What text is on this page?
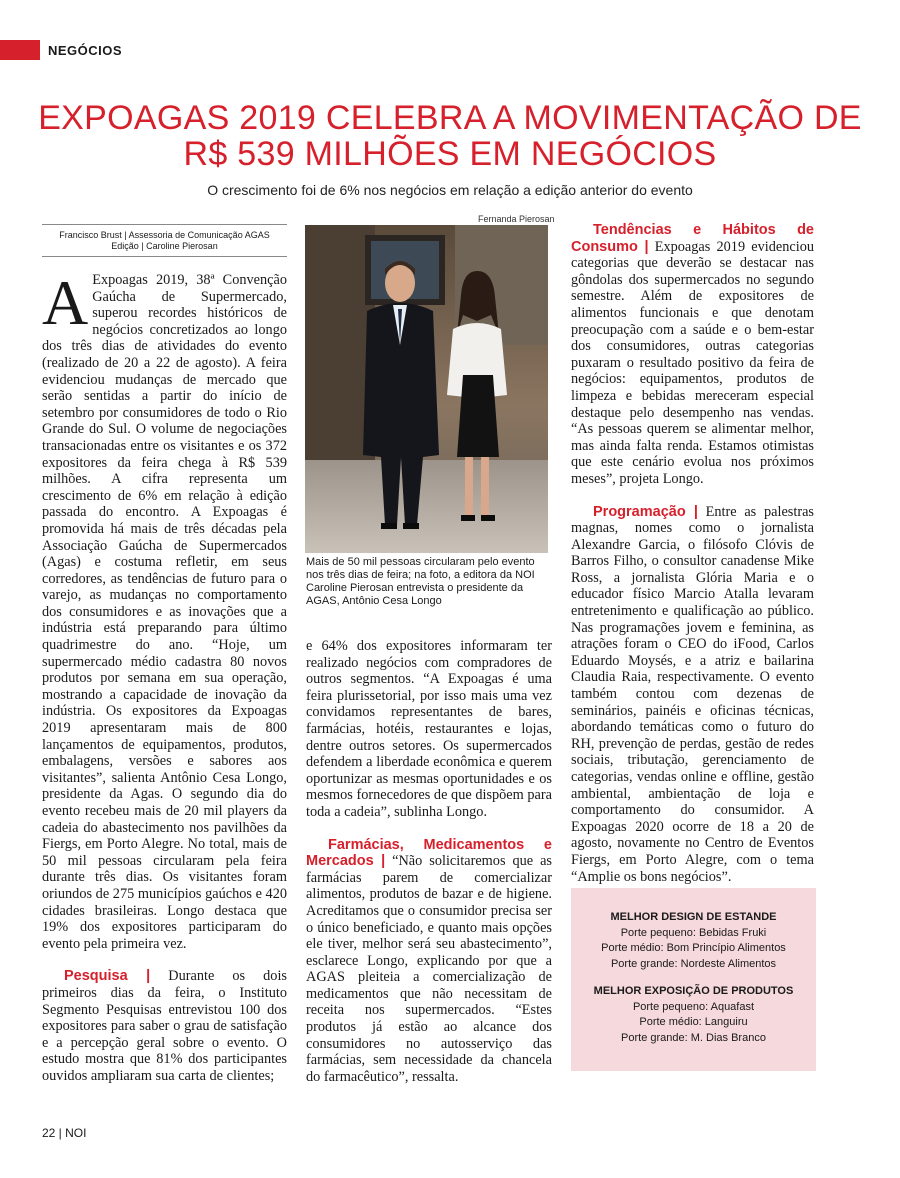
NEGÓCIOS
EXPOAGAS 2019 CELEBRA A MOVIMENTAÇÃO DE R$ 539 MILHÕES EM NEGÓCIOS
O crescimento foi de 6% nos negócios em relação a edição anterior do evento
Francisco Brust | Assessoria de Comunicação AGAS
Edição | Caroline Pierosan
Fernanda Pierosan
Mais de 50 mil pessoas circularam pelo evento nos três dias de feira; na foto, a editora da NOI Caroline Pierosan entrevista o presidente da AGAS, Antônio Cesa Longo

A Expoagas 2019, 38ª Convenção Gaúcha de Supermercado, superou recordes históricos de negócios concretizados ao longo dos três dias de atividades do evento (realizado de 20 a 22 de agosto). A feira evidenciou mudanças de mercado que serão sentidas a partir do início de setembro por consumidores de todo o Rio Grande do Sul. O volume de negociações transacionadas entre os visitantes e os 372 expositores da feira chega à R$ 539 milhões. A cifra representa um crescimento de 6% em relação à edição passada do encontro. A Expoagas é promovida há mais de três décadas pela Associação Gaúcha de Supermercados (Agas) e costuma refletir, em seus corredores, as tendências de futuro para o varejo, as mudanças no comportamento dos consumidores e as inovações que a indústria está preparando para último quadrimestre do ano. “Hoje, um supermercado médio cadastra 80 novos produtos por semana em sua operação, mostrando a capacidade de inovação da indústria. Os expositores da Expoagas 2019 apresentaram mais de 800 lançamentos de equipamentos, produtos, embalagens, versões e sabores aos visitantes”, salienta Antônio Cesa Longo, presidente da Agas. O segundo dia do evento recebeu mais de 20 mil players da cadeia do abastecimento nos pavilhões da Fiergs, em Porto Alegre. No total, mais de 50 mil pessoas circularam pela feira durante três dias. Os visitantes foram oriundos de 275 municípios gaúchos e 420 cidades brasileiras. Longo destaca que 19% dos expositores participaram do evento pela primeira vez.

Pesquisa | Durante os dois primeiros dias da feira, o Instituto Segmento Pesquisas entrevistou 100 dos expositores para saber o grau de satisfação e a percepção geral sobre o evento. O estudo mostra que 81% dos participantes ouvidos ampliaram sua carta de clientes;

e 64% dos expositores informaram ter realizado negócios com compradores de outros segmentos. “A Expoagas é uma feira plurissetorial, por isso mais uma vez convidamos representantes de bares, farmácias, hotéis, restaurantes e lojas, dentre outros setores. Os supermercados defendem a liberdade econômica e querem oportunizar as mesmas oportunidades e os mesmos fornecedores de que dispõem para toda a cadeia”, sublinha Longo.

Farmácias, Medicamentos e Mercados | “Não solicitaremos que as farmácias parem de comercializar alimentos, produtos de bazar e de higiene. Acreditamos que o consumidor precisa ser o único beneficiado, e quanto mais opções ele tiver, melhor será seu abastecimento”, esclarece Longo, explicando por que a AGAS pleiteia a comercialização de medicamentos que não necessitam de receita nos supermercados. “Estes produtos já estão ao alcance dos consumidores no autosserviço das farmácias, sem necessidade da chancela do farmacêutico”, ressalta.

Tendências e Hábitos de Consumo | Expoagas 2019 evidenciou categorias que deverão se destacar nas gôndolas dos supermercados no segundo semestre. Além de expositores de alimentos funcionais e que denotam preocupação com a saúde e o bem-estar dos consumidores, outras categorias puxaram o resultado positivo da feira de negócios: equipamentos, produtos de limpeza e bebidas mereceram especial destaque pelo desempenho nas vendas. “As pessoas querem se alimentar melhor, mas ainda falta renda. Estamos otimistas que este cenário evolua nos próximos meses”, projeta Longo.

Programação | Entre as palestras magnas, nomes como o jornalista Alexandre Garcia, o filósofo Clóvis de Barros Filho, o consultor canadense Mike Ross, a jornalista Glória Maria e o educador físico Marcio Atalla levaram entretenimento e qualificação ao público. Nas programações jovem e feminina, as atrações foram o CEO do iFood, Carlos Eduardo Moysés, e a atriz e bailarina Claudia Raia, respectivamente. O evento também contou com dezenas de seminários, painéis e oficinas técnicas, abordando temáticas como o futuro do RH, prevenção de perdas, gestão de redes sociais, tributação, gerenciamento de categorias, vendas online e offline, gestão ambiental, ambientação de loja e comportamento do consumidor. A Expoagas 2020 ocorre de 18 a 20 de agosto, novamente no Centro de Eventos Fiergs, em Porto Alegre, com o tema “Amplie os bons negócios”.

MELHOR DESIGN DE ESTANDE
Porte pequeno: Bebidas Fruki
Porte médio: Bom Princípio Alimentos
Porte grande: Nordeste Alimentos
MELHOR EXPOSIÇÃO DE PRODUTOS
Porte pequeno: Aquafast
Porte médio: Languiru
Porte grande: M. Dias Branco
22 | NOI
